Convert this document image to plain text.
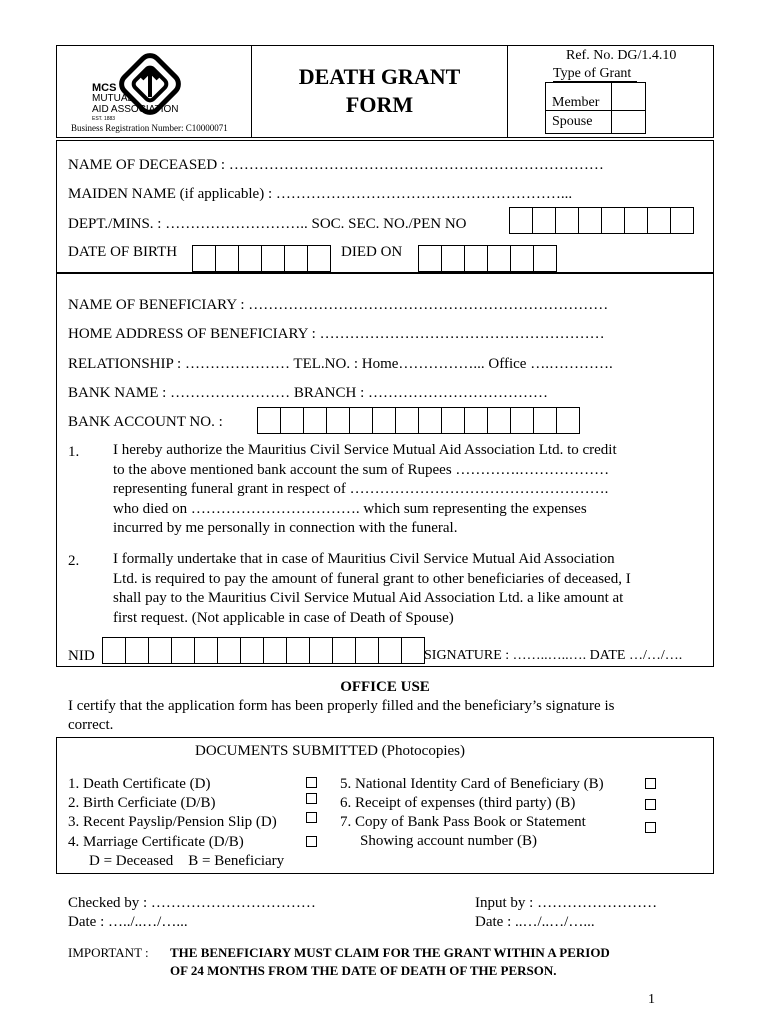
MCS
MUTUAL
AID ASSOCIATION
EST. 1883
Business Registration Number: C10000071
DEATH GRANT
FORM
Ref. No. DG/1.4.10
Type of Grant
Member
Spouse
NAME OF DECEASED : …………………………………………………………………
MAIDEN NAME (if applicable) : …………………………………………………...
DEPT./MINS. : ……………………….. SOC. SEC. NO./PEN NO
DATE OF BIRTH	DIED ON
NAME OF BENEFICIARY : ………………………………………………………………
HOME ADDRESS OF BENEFICIARY : …………………………………………………
RELATIONSHIP : ………………… TEL.NO. : Home……………... Office ….………….
BANK NAME : …………………… BRANCH : ………………………………
BANK ACCOUNT NO. :
1. I hereby authorize the Mauritius Civil Service Mutual Aid Association Ltd. to credit
to the above mentioned bank account the sum of Rupees ………….………………
representing funeral grant in respect of …………………………………………….
who died on ……………………………. which sum representing the expenses
incurred by me personally in connection with the funeral.
2. I formally undertake that in case of Mauritius Civil Service Mutual Aid Association
Ltd. is required to pay the amount of funeral grant to other beneficiaries of deceased, I
shall pay to the Mauritius Civil Service Mutual Aid Association Ltd. a like amount at
first request. (Not applicable in case of Death of Spouse)
NID	SIGNATURE : ……..…..…. DATE …/…/….
OFFICE USE
I certify that the application form has been properly filled and the beneficiary’s signature is
correct.
DOCUMENTS SUBMITTED (Photocopies)
1. Death Certificate (D)
2. Birth Cerficiate (D/B)
3. Recent Payslip/Pension Slip (D)
4. Marriage Certificate (D/B)
D = Deceased    B = Beneficiary
5. National Identity Card of Beneficiary (B)
6. Receipt of expenses (third party) (B)
7. Copy of Bank Pass Book or Statement
Showing account number (B)
Checked by : ……………………………
Date : …../..…/…...
Input by : ……………………
Date : ..…/..…/…...
IMPORTANT : THE BENEFICIARY MUST CLAIM FOR THE GRANT WITHIN A PERIOD
OF 24 MONTHS FROM THE DATE OF DEATH OF THE PERSON.
1
